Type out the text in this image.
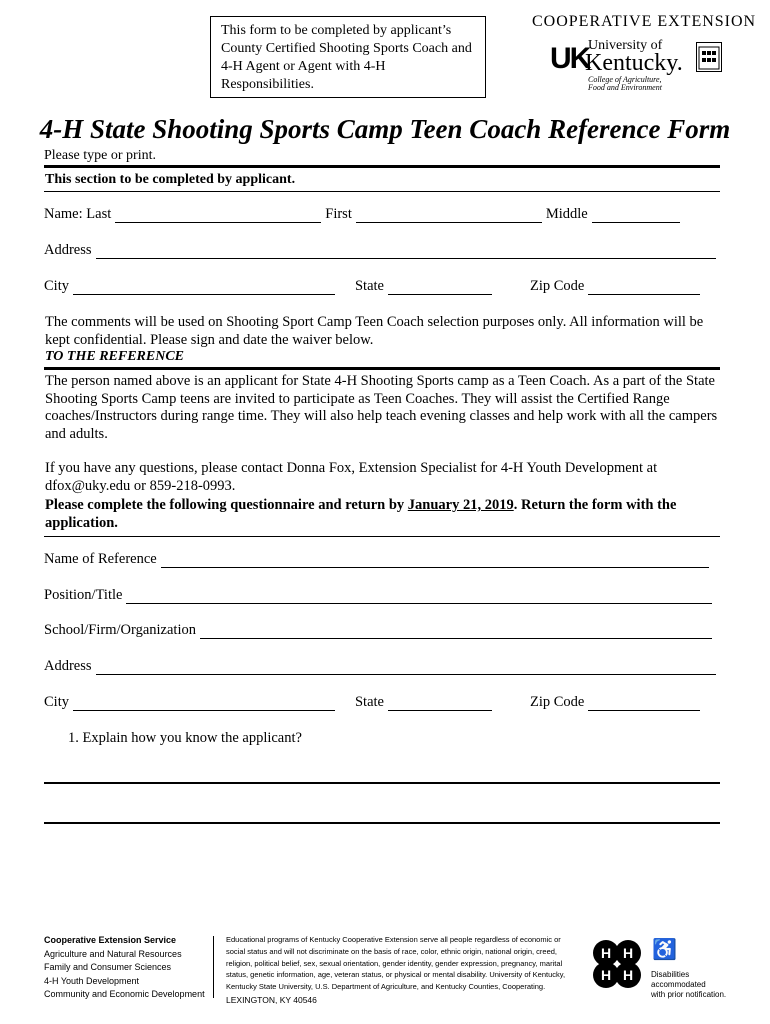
This form to be completed by applicant’s County Certified Shooting Sports Coach and 4-H Agent or Agent with 4-H Responsibilities.
COOPERATIVE EXTENSION
UK
University of
Kentucky.
College of Agriculture, Food and Environment
4-H State Shooting Sports Camp Teen Coach Reference Form
Please type or print.
This section to be completed by applicant.
Name: Last	First	Middle
Address
City	State	Zip Code
The comments will be used on Shooting Sport Camp Teen Coach selection purposes only. All information will be kept confidential. Please sign and date the waiver below.
TO THE REFERENCE
The person named above is an applicant for State 4-H Shooting Sports camp as a Teen Coach. As a part of the State Shooting Sports Camp teens are invited to participate as Teen Coaches. They will assist the Certified Range coaches/Instructors during range time. They will also help teach evening classes and help work with all the campers and adults.
If you have any questions, please contact Donna Fox, Extension Specialist for 4-H Youth Development at dfox@uky.edu or 859-218-0993.
Please complete the following questionnaire and return by January 21, 2019. Return the form with the application.
Name of Reference
Position/Title
School/Firm/Organization
Address
City	State	Zip Code
1. Explain how you know the applicant?
Cooperative Extension Service
Agriculture and Natural Resources
Family and Consumer Sciences
4-H Youth Development
Community and Economic Development
Educational programs of Kentucky Cooperative Extension serve all people regardless of economic or social status and will not discriminate on the basis of race, color, ethnic origin, national origin, creed, religion, political belief, sex, sexual orientation, gender identity, gender expression, pregnancy, marital status, genetic information, age, veteran status, or physical or mental disability. University of Kentucky, Kentucky State University, U.S. Department of Agriculture, and Kentucky Counties, Cooperating.
LEXINGTON, KY 40546
H H
H H
♿
Disabilities
accommodated
with prior notification.
